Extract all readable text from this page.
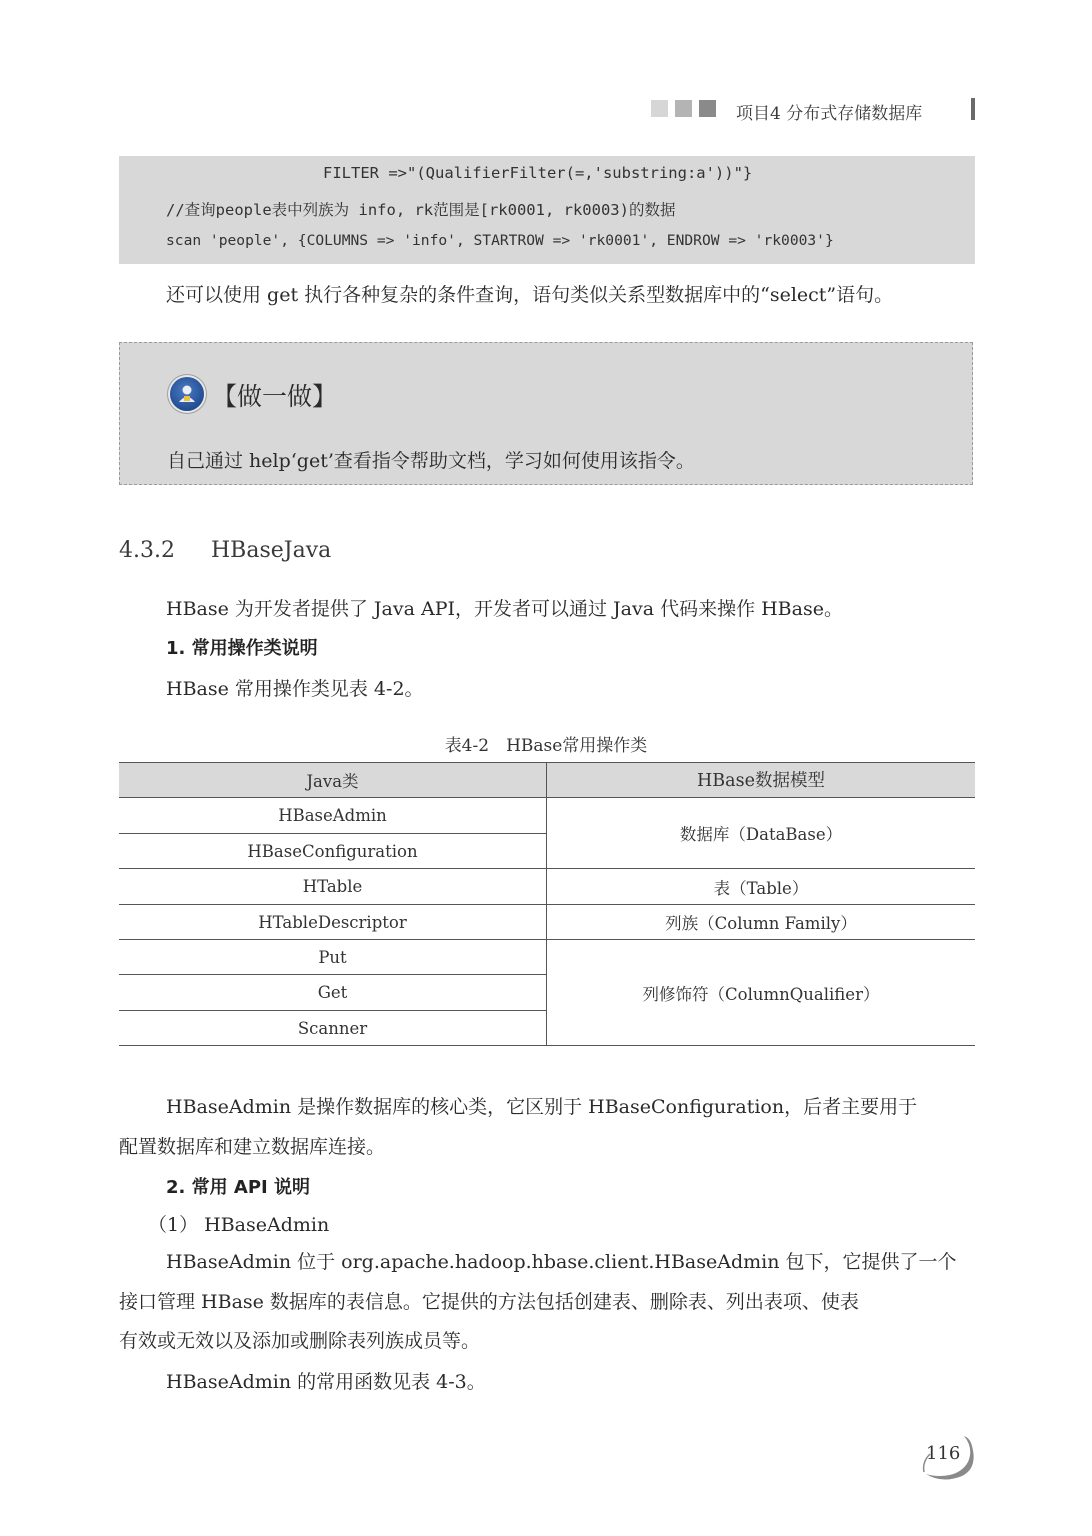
项目4 分布式存储数据库
FILTER =>"(QualifierFilter(=,'substring:a'))"}
//查询people表中列族为 info, rk范围是[rk0001, rk0003)的数据
scan 'people', {COLUMNS => 'info', STARTROW => 'rk0001', ENDROW => 'rk0003'}
还可以使用 get 执行各种复杂的条件查询，语句类似关系型数据库中的“select”语句。
【做一做】
自己通过 help‘get’查看指令帮助文档，学习如何使用该指令。
4.3.2 HBaseJava
HBase 为开发者提供了 Java API，开发者可以通过 Java 代码来操作 HBase。
1. 常用操作类说明
HBase 常用操作类见表 4-2。
表4-2　HBase常用操作类
Java类	HBase数据模型
HBaseAdmin
HBaseConfiguration
HTable
HTableDescriptor
Put
Get
Scanner
数据库（DataBase）
表（Table）
列族（Column Family）
列修饰符（ColumnQualifier）
HBaseAdmin 是操作数据库的核心类，它区别于 HBaseConfiguration，后者主要用于
配置数据库和建立数据库连接。
2. 常用 API 说明
（1） HBaseAdmin
HBaseAdmin 位于 org.apache.hadoop.hbase.client.HBaseAdmin 包下，它提供了一个
接口管理 HBase 数据库的表信息。它提供的方法包括创建表、删除表、列出表项、使表
有效或无效以及添加或删除表列族成员等。
HBaseAdmin 的常用函数见表 4-3。
116
